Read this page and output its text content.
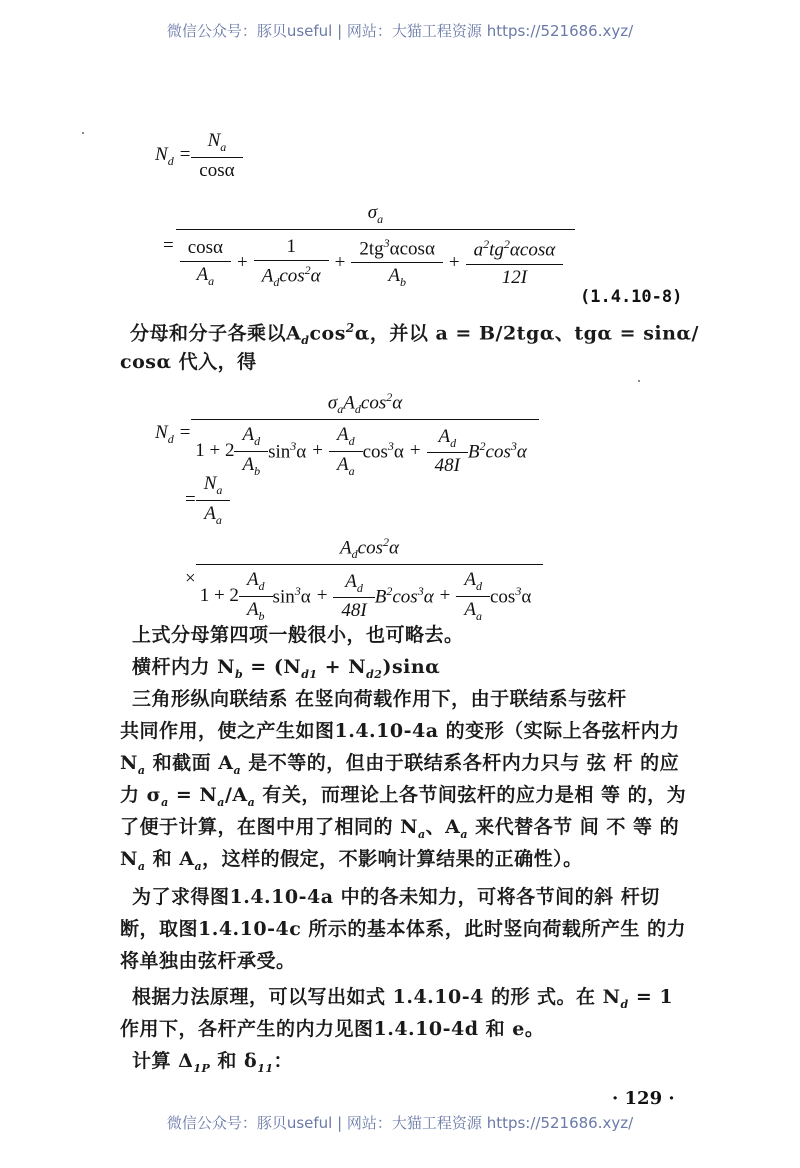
微信公众号：豚贝useful | 网站：大猫工程资源 https://521686.xyz/
$N_d = \frac{N_a}{\cos\alpha}$
=
$\sigma_a$
$\frac{\cos\alpha}{A_a} + \frac{1}{A_d\cos^2\alpha} + \frac{2tg^3\alpha\cos\alpha}{A_b} + \frac{a^2tg^2\alpha\cos\alpha}{12I}$
(1.4.10-8)
分母和分子各乘以$A_d\cos^2\alpha$，并以 a = B/2tgα、tgα = sinα/
cosα 代入，得
$N_d$ =
$\sigma_aA_d\cos^2\alpha$
$1 + 2 \frac{A_d}{A_b} \sin^3\alpha + \frac{A_d}{A_a} \cos^3\alpha + \frac{A_d}{48I} B^2\cos^3\alpha$
= $\frac{N_a}{A_a}$
×
$A_d\cos^2\alpha$
$1 + 2 \frac{A_d}{A_b} \sin^3\alpha + \frac{A_d}{48I} B^2\cos^3\alpha + \frac{A_d}{A_a} \cos^3\alpha$
上式分母第四项一般很小，也可略去。
横杆内力 $N_b = (N_{d1} + N_{d2})\sin\alpha$
三角形纵向联结系 在竖向荷载作用下，由于联结系与弦杆
共同作用，使之产生如图1.4.10-4a 的变形（实际上各弦杆内力
$N_a$ 和截面 $A_a$ 是不等的，但由于联结系各杆内力只与 弦 杆 的应
力 $\sigma_a = N_a/A_a$ 有关，而理论上各节间弦杆的应力是相 等 的，为
了便于计算，在图中用了相同的 $N_a$、$A_a$ 来代替各节 间 不 等 的
$N_a$ 和 $A_a$，这样的假定，不影响计算结果的正确性）。
为了求得图1.4.10-4a 中的各未知力，可将各节间的斜 杆切
断，取图1.4.10-4c 所示的基本体系，此时竖向荷载所产生 的力
将单独由弦杆承受。
根据力法原理，可以写出如式 1.4.10-4 的形 式。在 $N_d = 1$
作用下，各杆产生的内力见图1.4.10-4d 和 e。
计算 $\Delta_{1P}$ 和 $\delta_{11}$：
· 129 ·
微信公众号：豚贝useful | 网站：大猫工程资源 https://521686.xyz/
